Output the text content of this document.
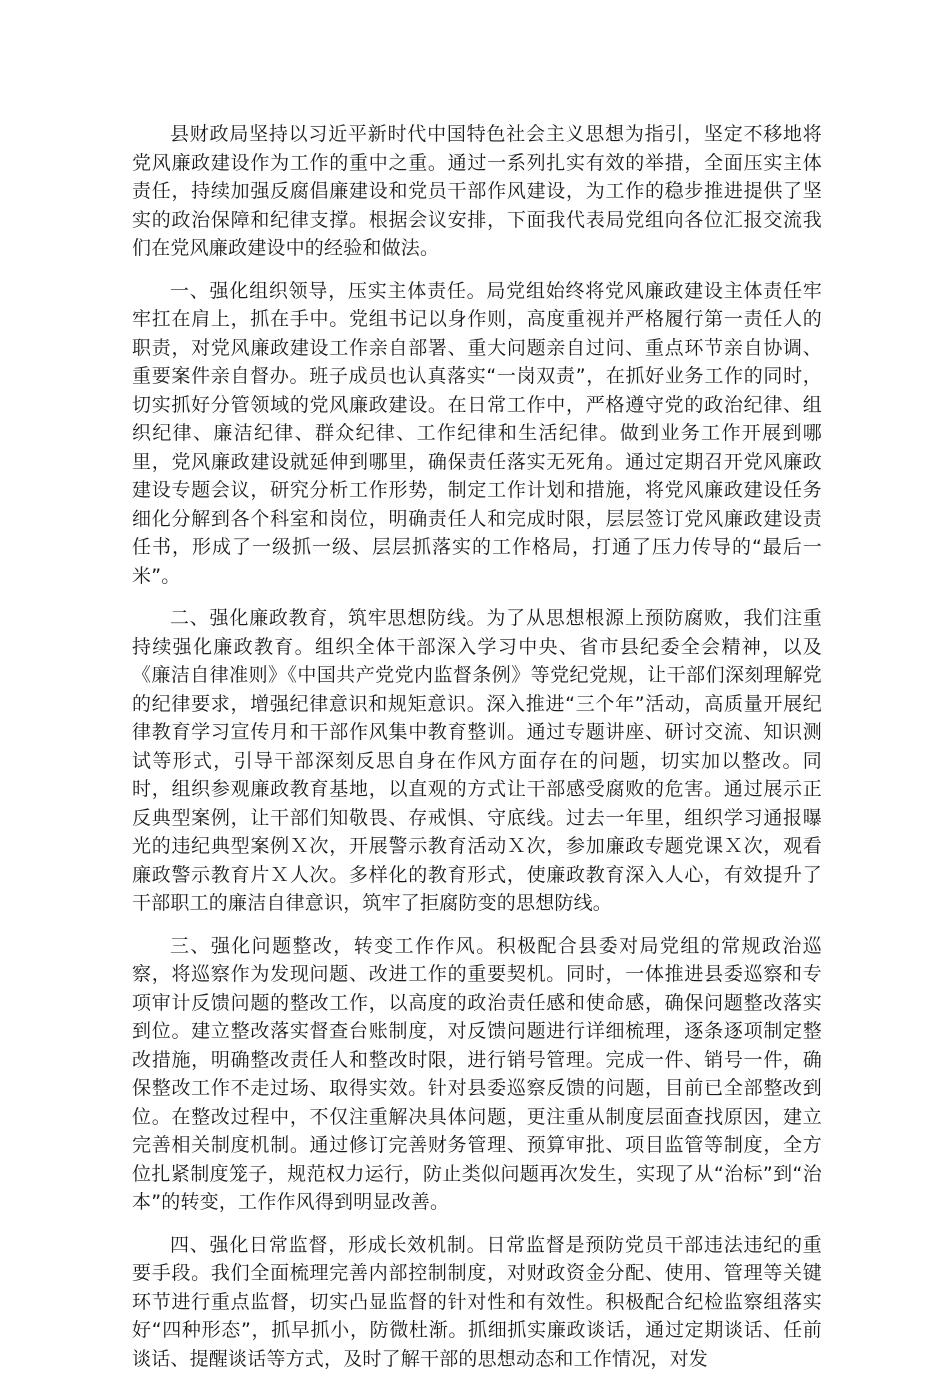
县财政局坚持以习近平新时代中国特色社会主义思想为指引，坚定不移地将党风廉政建设作为工作的重中之重。通过一系列扎实有效的举措，全面压实主体责任，持续加强反腐倡廉建设和党员干部作风建设，为工作的稳步推进提供了坚实的政治保障和纪律支撑。根据会议安排，下面我代表局党组向各位汇报交流我们在党风廉政建设中的经验和做法。

一、强化组织领导，压实主体责任。局党组始终将党风廉政建设主体责任牢牢扛在肩上，抓在手中。党组书记以身作则，高度重视并严格履行第一责任人的职责，对党风廉政建设工作亲自部署、重大问题亲自过问、重点环节亲自协调、重要案件亲自督办。班子成员也认真落实“一岗双责”，在抓好业务工作的同时，切实抓好分管领域的党风廉政建设。在日常工作中，严格遵守党的政治纪律、组织纪律、廉洁纪律、群众纪律、工作纪律和生活纪律。做到业务工作开展到哪里，党风廉政建设就延伸到哪里，确保责任落实无死角。通过定期召开党风廉政建设专题会议，研究分析工作形势，制定工作计划和措施，将党风廉政建设任务细化分解到各个科室和岗位，明确责任人和完成时限，层层签订党风廉政建设责任书，形成了一级抓一级、层层抓落实的工作格局，打通了压力传导的“最后一米”。

二、强化廉政教育，筑牢思想防线。为了从思想根源上预防腐败，我们注重持续强化廉政教育。组织全体干部深入学习中央、省市县纪委全会精神，以及《廉洁自律准则》《中国共产党党内监督条例》等党纪党规，让干部们深刻理解党的纪律要求，增强纪律意识和规矩意识。深入推进“三个年”活动，高质量开展纪律教育学习宣传月和干部作风集中教育整训。通过专题讲座、研讨交流、知识测试等形式，引导干部深刻反思自身在作风方面存在的问题，切实加以整改。同时，组织参观廉政教育基地，以直观的方式让干部感受腐败的危害。通过展示正反典型案例，让干部们知敬畏、存戒惧、守底线。过去一年里，组织学习通报曝光的违纪典型案例Ｘ次，开展警示教育活动Ｘ次，参加廉政专题党课Ｘ次，观看廉政警示教育片Ｘ人次。多样化的教育形式，使廉政教育深入人心，有效提升了干部职工的廉洁自律意识，筑牢了拒腐防变的思想防线。

三、强化问题整改，转变工作作风。积极配合县委对局党组的常规政治巡察，将巡察作为发现问题、改进工作的重要契机。同时，一体推进县委巡察和专项审计反馈问题的整改工作，以高度的政治责任感和使命感，确保问题整改落实到位。建立整改落实督查台账制度，对反馈问题进行详细梳理，逐条逐项制定整改措施，明确整改责任人和整改时限，进行销号管理。完成一件、销号一件，确保整改工作不走过场、取得实效。针对县委巡察反馈的问题，目前已全部整改到位。在整改过程中，不仅注重解决具体问题，更注重从制度层面查找原因，建立完善相关制度机制。通过修订完善财务管理、预算审批、项目监管等制度，全方位扎紧制度笼子，规范权力运行，防止类似问题再次发生，实现了从“治标”到“治本”的转变，工作作风得到明显改善。

四、强化日常监督，形成长效机制。日常监督是预防党员干部违法违纪的重要手段。我们全面梳理完善内部控制制度，对财政资金分配、使用、管理等关键环节进行重点监督，切实凸显监督的针对性和有效性。积极配合纪检监察组落实好“四种形态”，抓早抓小，防微杜渐。抓细抓实廉政谈话，通过定期谈话、任前谈话、提醒谈话等方式，及时了解干部的思想动态和工作情况，对发
